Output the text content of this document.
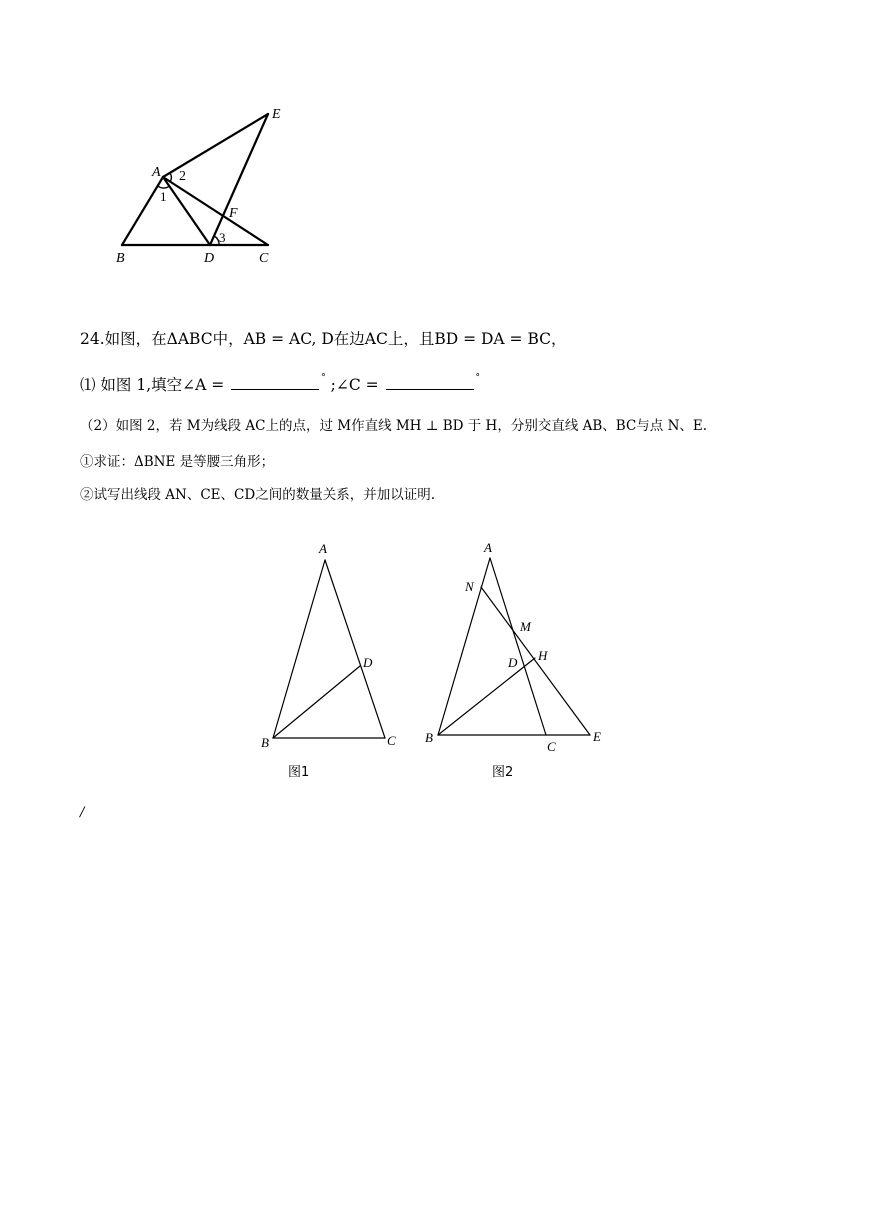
E
A 2
1
F
3
B	D	C
24.如图，在ΔABC中，AB = AC, D在边AC上，且BD = DA = BC，
⑴ 如图 1,填空∠A =	° ;∠C =	°
（2）如图 2，若 M为线段 AC上的点，过 M作直线 MH ⊥ BD 于 H，分别交直线 AB、BC与点 N、E.
①求证：ΔBNE 是等腰三角形；
②试写出线段 AN、CE、CD之间的数量关系，并加以证明.
A
D
B	C
图1
A
N
M
D H
B
C
E
图2
/
